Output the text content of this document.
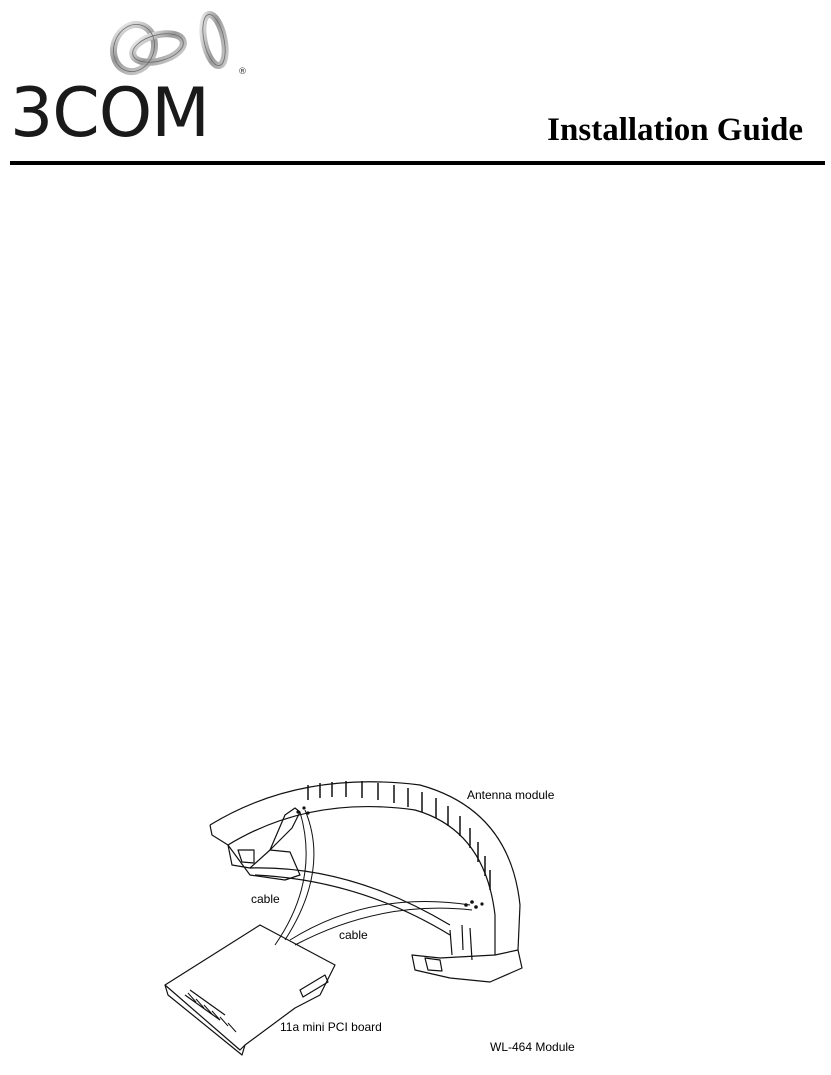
®
3COM	Installation Guide
Antenna module
cable
cable
11a mini PCI board
WL-464 Module
